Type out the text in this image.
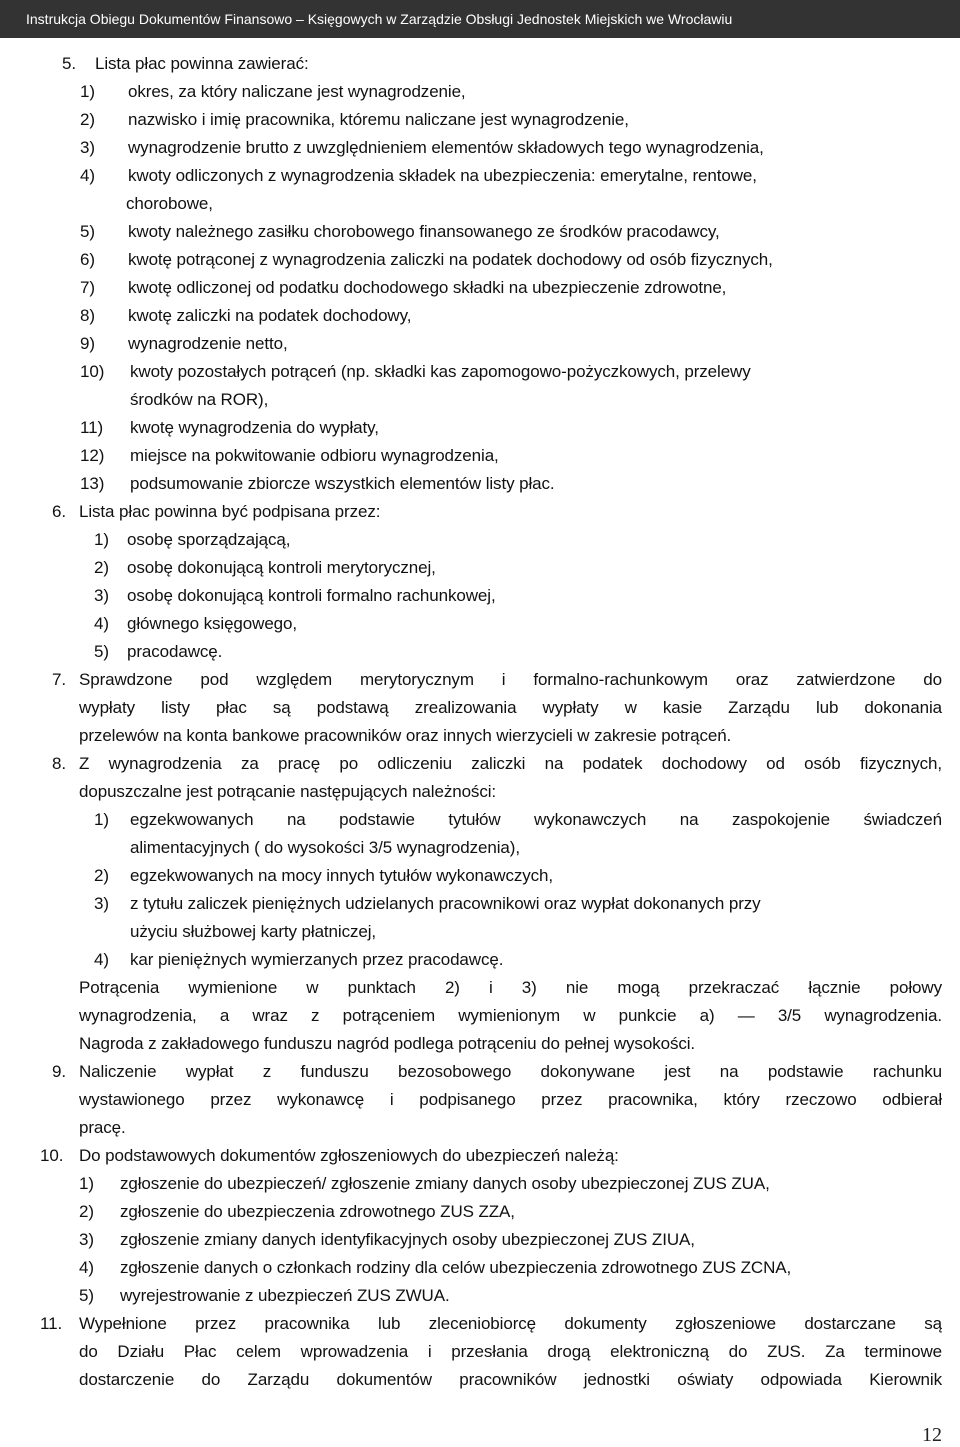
Instrukcja Obiegu Dokumentów Finansowo – Księgowych w Zarządzie Obsługi Jednostek Miejskich we Wrocławiu
5. Lista płac powinna zawierać:
1) okres, za który naliczane jest wynagrodzenie,
2) nazwisko i imię pracownika, któremu naliczane jest wynagrodzenie,
3) wynagrodzenie brutto z uwzględnieniem elementów składowych tego wynagrodzenia,
4) kwoty odliczonych z wynagrodzenia składek na ubezpieczenia: emerytalne, rentowe,
chorobowe,
5) kwoty należnego zasiłku chorobowego finansowanego ze środków pracodawcy,
6) kwotę potrąconej z wynagrodzenia zaliczki na podatek dochodowy od osób fizycznych,
7) kwotę odliczonej od podatku dochodowego składki na ubezpieczenie zdrowotne,
8) kwotę zaliczki na podatek dochodowy,
9) wynagrodzenie netto,
10) kwoty pozostałych potrąceń (np. składki kas zapomogowo-pożyczkowych, przelewy
środków na ROR),
11) kwotę wynagrodzenia do wypłaty,
12) miejsce na pokwitowanie odbioru wynagrodzenia,
13) podsumowanie zbiorcze wszystkich elementów listy płac.
6. Lista płac powinna być podpisana przez:
1) osobę sporządzającą,
2) osobę dokonującą kontroli merytorycznej,
3) osobę dokonującą kontroli formalno rachunkowej,
4) głównego księgowego,
5) pracodawcę.
7. Sprawdzone pod względem merytorycznym i formalno-rachunkowym oraz zatwierdzone do
wypłaty listy płac są podstawą zrealizowania wypłaty w kasie Zarządu lub dokonania
przelewów na konta bankowe pracowników oraz innych wierzycieli w zakresie potrąceń.
8. Z wynagrodzenia za pracę po odliczeniu zaliczki na podatek dochodowy od osób fizycznych,
dopuszczalne jest potrącanie następujących należności:
1) egzekwowanych na podstawie tytułów wykonawczych na zaspokojenie świadczeń
alimentacyjnych ( do wysokości 3/5 wynagrodzenia),
2) egzekwowanych na mocy innych tytułów wykonawczych,
3) z tytułu zaliczek pieniężnych udzielanych pracownikowi oraz wypłat dokonanych przy
użyciu służbowej karty płatniczej,
4) kar pieniężnych wymierzanych przez pracodawcę.
Potrącenia wymienione w punktach 2) i 3) nie mogą przekraczać łącznie połowy
wynagrodzenia, a wraz z potrąceniem wymienionym w punkcie a) — 3/5 wynagrodzenia.
Nagroda z zakładowego funduszu nagród podlega potrąceniu do pełnej wysokości.
9. Naliczenie wypłat z funduszu bezosobowego dokonywane jest na podstawie rachunku
wystawionego przez wykonawcę i podpisanego przez pracownika, który rzeczowo odbierał
pracę.
10. Do podstawowych dokumentów zgłoszeniowych do ubezpieczeń należą:
1) zgłoszenie do ubezpieczeń/ zgłoszenie zmiany danych osoby ubezpieczonej ZUS ZUA,
2) zgłoszenie do ubezpieczenia zdrowotnego ZUS ZZA,
3) zgłoszenie zmiany danych identyfikacyjnych osoby ubezpieczonej ZUS ZIUA,
4) zgłoszenie danych o członkach rodziny dla celów ubezpieczenia zdrowotnego ZUS ZCNA,
5) wyrejestrowanie z ubezpieczeń ZUS ZWUA.
11. Wypełnione przez pracownika lub zleceniobiorcę dokumenty zgłoszeniowe dostarczane są
do Działu Płac celem wprowadzenia i przesłania drogą elektroniczną do ZUS. Za terminowe
dostarczenie do Zarządu dokumentów pracowników jednostki oświaty odpowiada Kierownik
12
